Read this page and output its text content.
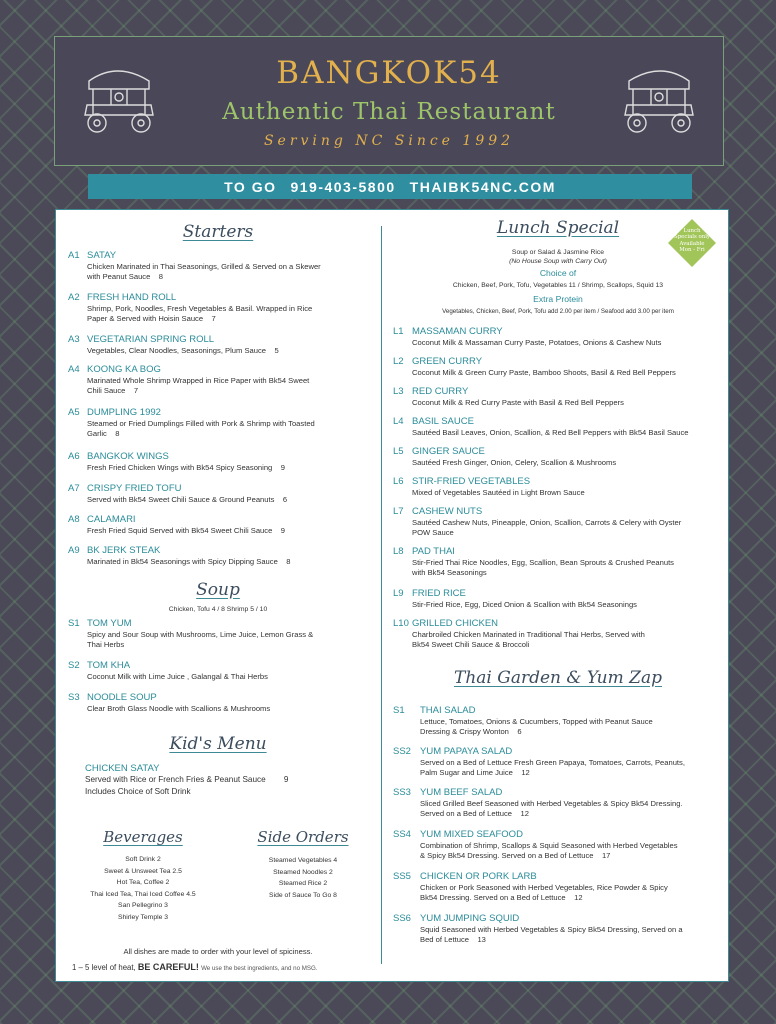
BANGKOK54
Authentic Thai Restaurant
Serving NC Since 1992
TO GO 919-403-5800 THAIBK54NC.COM
Starters
A1 SATAY
Chicken Marinated in Thai Seasonings, Grilled & Served on a Skewer
with Peanut Sauce 8
A2 FRESH HAND ROLL
Shrimp, Pork, Noodles, Fresh Vegetables & Basil. Wrapped in Rice
Paper & Served with Hoisin Sauce 7
A3 VEGETARIAN SPRING ROLL
Vegetables, Clear Noodles, Seasonings, Plum Sauce 5

A4 KOONG KA BOG
Marinated Whole Shrimp Wrapped in Rice Paper with Bk54 Sweet
Chili Sauce 7
A5 DUMPLING 1992
Steamed or Fried Dumplings Filled with Pork & Shrimp with Toasted
Garlic 8
A6 BANGKOK WINGS
Fresh Fried Chicken Wings with Bk54 Spicy Seasoning 9

A7 CRISPY FRIED TOFU
Served with Bk54 Sweet Chili Sauce & Ground Peanuts 6

A8 CALAMARI
Fresh Fried Squid Served with Bk54 Sweet Chili Sauce 9

A9 BK JERK STEAK
Marinated in Bk54 Seasonings with Spicy Dipping Sauce 8

Soup
Chicken, Tofu 4 / 8 Shrimp 5 / 10
S1 TOM YUM
Spicy and Sour Soup with Mushrooms, Lime Juice, Lemon Grass &
Thai Herbs
S2 TOM KHA
Coconut Milk with Lime Juice , Galangal & Thai Herbs

S3 NOODLE SOUP
Clear Broth Glass Noodle with Scallions & Mushrooms

Kid's Menu
CHICKEN SATAY
Served with Rice or French Fries & Peanut Sauce 9
Includes Choice of Soft Drink
Beverages
Soft Drink 2
Sweet & Unsweet Tea 2.5
Hot Tea, Coffee 2
Thai Iced Tea, Thai Iced Coffee 4.5
San Pellegrino 3
Shirley Temple 3
Side Orders
Steamed Vegetables 4
Steamed Noodles 2
Steamed Rice 2
Side of Sauce To Go 8
All dishes are made to order with your level of spiciness.
1 – 5 level of heat, BE CAREFUL! We use the best ingredients, and no MSG.
Lunch Special	Lunch
Specials only
Available
Mon - Fri
Soup or Salad & Jasmine Rice
(No House Soup with Carry Out)
Choice of
Chicken, Beef, Pork, Tofu, Vegetables 11 / Shrimp, Scallops, Squid 13
Extra Protein
Vegetables, Chicken, Beef, Pork, Tofu add 2.00 per item / Seafood add 3.00 per item
L1 MASSAMAN CURRY
Coconut Milk & Massaman Curry Paste, Potatoes, Onions & Cashew Nuts

L2 GREEN CURRY
Coconut Milk & Green Curry Paste, Bamboo Shoots, Basil & Red Bell Peppers

L3 RED CURRY
Coconut Milk & Red Curry Paste with Basil & Red Bell Peppers

L4 BASIL SAUCE
Sautéed Basil Leaves, Onion, Scallion, & Red Bell Peppers with Bk54 Basil Sauce

L5 GINGER SAUCE
Sautéed Fresh Ginger, Onion, Celery, Scallion & Mushrooms

L6 STIR-FRIED VEGETABLES
Mixed of Vegetables Sautéed in Light Brown Sauce

L7 CASHEW NUTS
Sautéed Cashew Nuts, Pineapple, Onion, Scallion, Carrots & Celery with Oyster
POW Sauce
L8 PAD THAI
Stir-Fried Thai Rice Noodles, Egg, Scallion, Bean Sprouts & Crushed Peanuts
with Bk54 Seasonings
L9 FRIED RICE
Stir-Fried Rice, Egg, Diced Onion & Scallion with Bk54 Seasonings

L10 GRILLED CHICKEN
Charbroiled Chicken Marinated in Traditional Thai Herbs, Served with
Bk54 Sweet Chili Sauce & Broccoli
Thai Garden & Yum Zap
S1 THAI SALAD
Lettuce, Tomatoes, Onions & Cucumbers, Topped with Peanut Sauce
Dressing & Crispy Wonton 6
SS2 YUM PAPAYA SALAD
Served on a Bed of Lettuce Fresh Green Papaya, Tomatoes, Carrots, Peanuts,
Palm Sugar and Lime Juice 12
SS3 YUM BEEF SALAD
Sliced Grilled Beef Seasoned with Herbed Vegetables & Spicy Bk54 Dressing.
Served on a Bed of Lettuce 12
SS4 YUM MIXED SEAFOOD
Combination of Shrimp, Scallops & Squid Seasoned with Herbed Vegetables
& Spicy Bk54 Dressing. Served on a Bed of Lettuce 17
SS5 CHICKEN OR PORK LARB
Chicken or Pork Seasoned with Herbed Vegetables, Rice Powder & Spicy
Bk54 Dressing. Served on a Bed of Lettuce 12
SS6 YUM JUMPING SQUID
Squid Seasoned with Herbed Vegetables & Spicy Bk54 Dressing, Served on a
Bed of Lettuce 13
